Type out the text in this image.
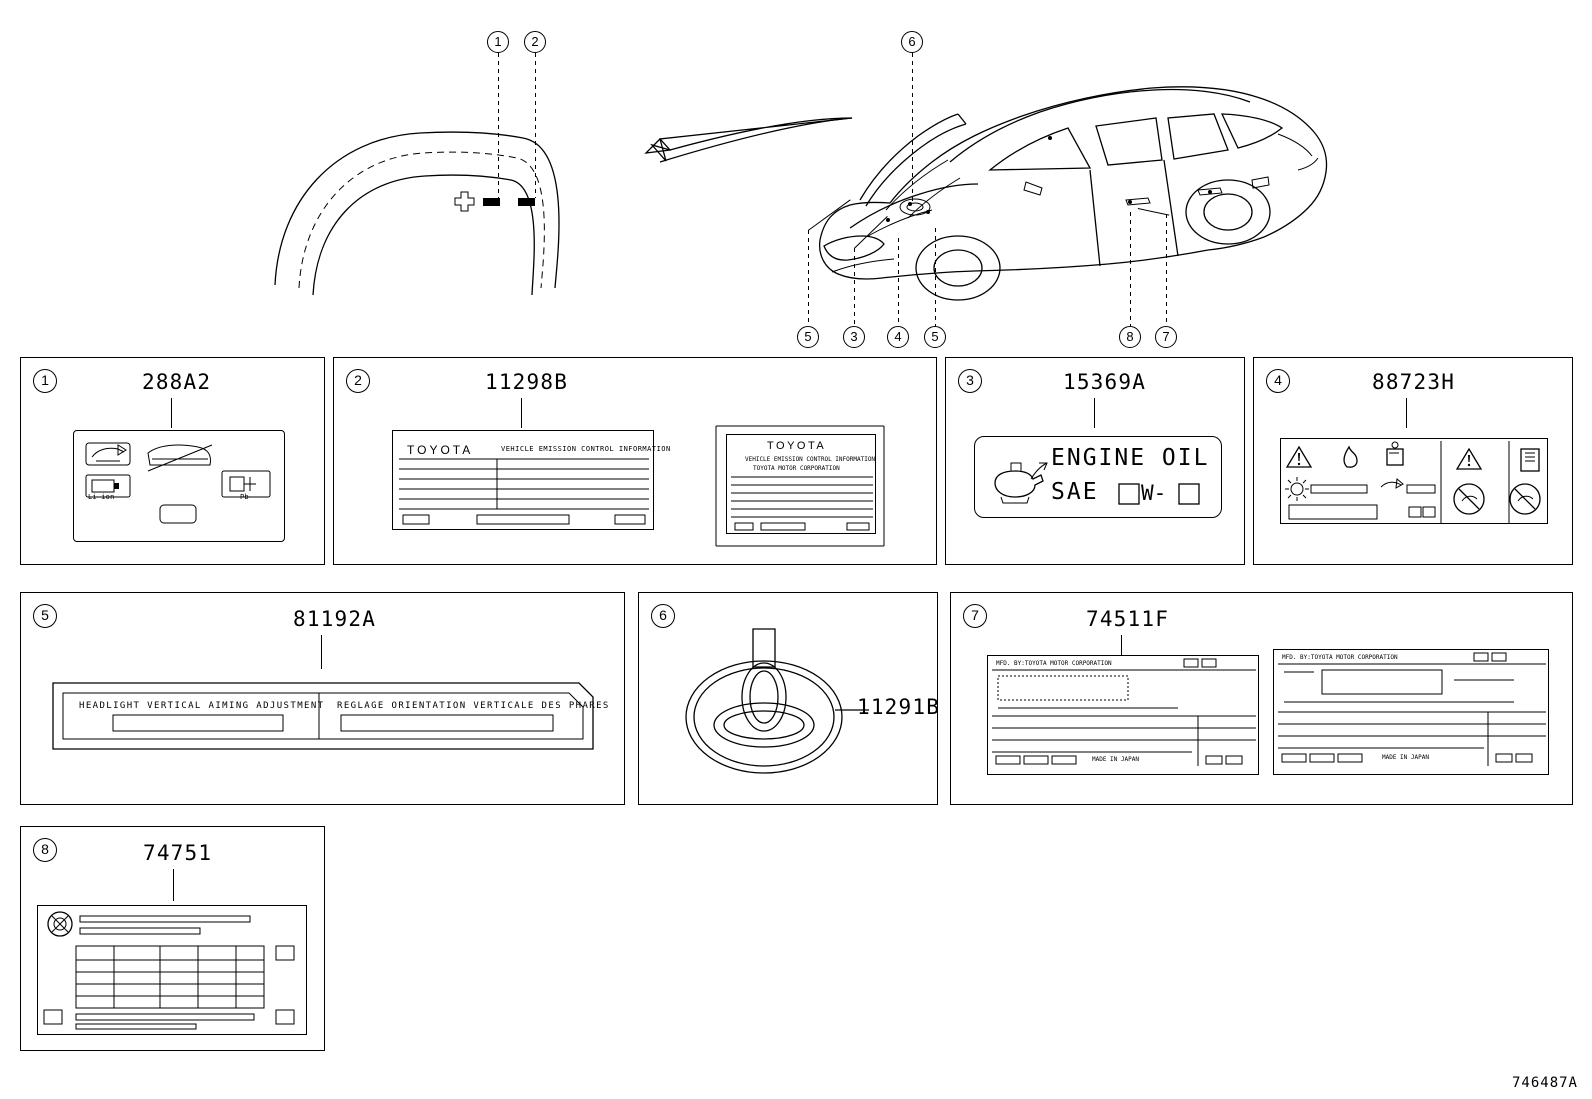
1	2	6
5	3	4	5	8	7
1	288A2
Li-ion	Pb
2	11298B
TOYOTA	VEHICLE EMISSION CONTROL INFORMATION	TOYOTA
VEHICLE EMISSION CONTROL INFORMATION
TOYOTA MOTOR CORPORATION
3	15369A
ENGINE OIL
SAE W-
4	88723H
5	81192A
HEADLIGHT VERTICAL AIMING ADJUSTMENT REGLAGE ORIENTATION VERTICALE DES PHARES
6
11291B
7	74511F
MFD. BY:TOYOTA MOTOR CORPORATION
MADE IN JAPAN
MFD. BY:TOYOTA MOTOR CORPORATION
MADE IN JAPAN
8	74751
746487A
